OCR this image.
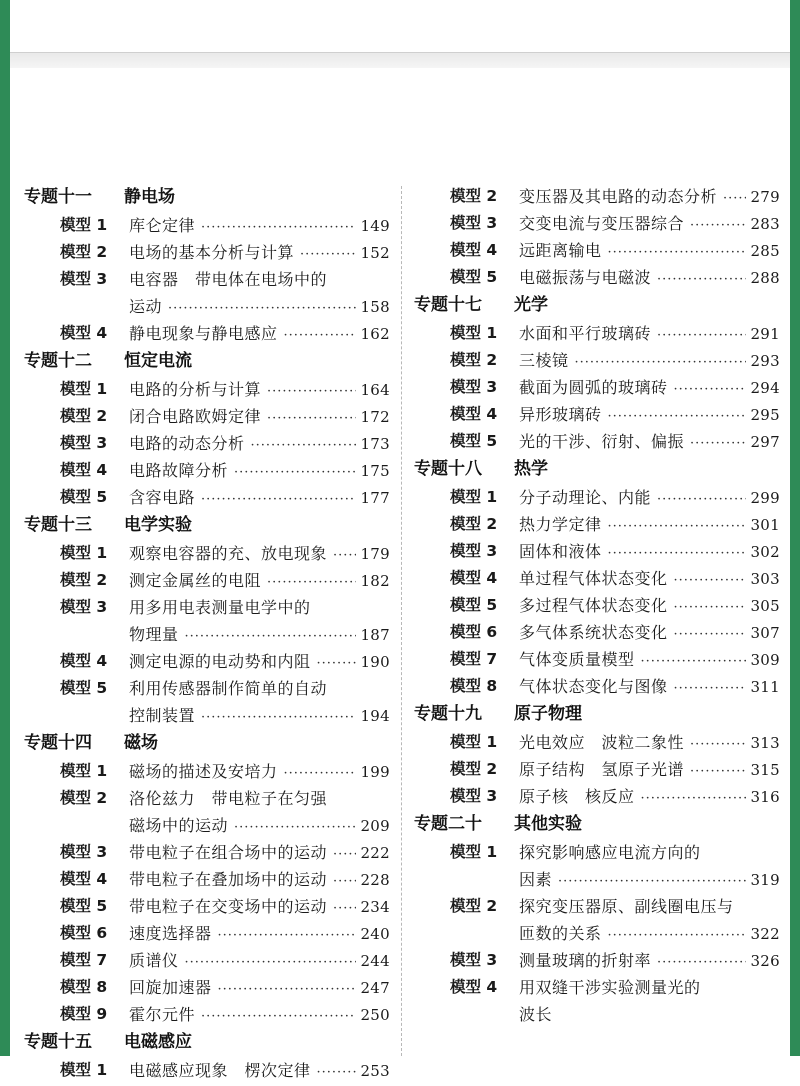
专题十一	静电场
模型 1	库仑定律 ·····	149
模型 2	电场的基本分析与计算 ·····	152
模型 3	电容器　带电体在电场中的
运动 ·····	158
模型 4	静电现象与静电感应 ·····	162
专题十二	恒定电流
模型 1	电路的分析与计算 ·····	164
模型 2	闭合电路欧姆定律 ·····	172
模型 3	电路的动态分析 ·····	173
模型 4	电路故障分析 ·····	175
模型 5	含容电路 ·····	177
专题十三	电学实验
模型 1	观察电容器的充、放电现象 ····· 179
模型 2	测定金属丝的电阻 ·····	182
模型 3	用多用电表测量电学中的
物理量 ·····	187
模型 4	测定电源的电动势和内阻 ·····	190
模型 5	利用传感器制作简单的自动
控制装置 ·····	194
专题十四	磁场
模型 1	磁场的描述及安培力 ·····	199
模型 2	洛伦兹力　带电粒子在匀强
磁场中的运动 ·····	209
模型 3	带电粒子在组合场中的运动 ····· 222
模型 4	带电粒子在叠加场中的运动 ····· 228
模型 5	带电粒子在交变场中的运动 ····· 234
模型 6	速度选择器 ·····	240
模型 7	质谱仪 ·····	244
模型 8	回旋加速器 ·····	247
模型 9	霍尔元件 ·····	250
专题十五	电磁感应
模型 1	电磁感应现象　楞次定律 ·····	253
模型 2	变压器及其电路的动态分析 ····· 279
模型 3	交变电流与变压器综合 ·····	283
模型 4	远距离输电 ·····	285
模型 5	电磁振荡与电磁波 ·····	288
专题十七	光学
模型 1	水面和平行玻璃砖 ·····	291
模型 2	三棱镜 ·····	293
模型 3	截面为圆弧的玻璃砖 ·····	294
模型 4	异形玻璃砖 ·····	295
模型 5	光的干涉、衍射、偏振 ·····	297
专题十八	热学
模型 1	分子动理论、内能 ·····	299
模型 2	热力学定律 ·····	301
模型 3	固体和液体 ·····	302
模型 4	单过程气体状态变化 ·····	303
模型 5	多过程气体状态变化 ·····	305
模型 6	多气体系统状态变化 ·····	307
模型 7	气体变质量模型 ·····	309
模型 8	气体状态变化与图像 ·····	311
专题十九	原子物理
模型 1	光电效应　波粒二象性 ·····	313
模型 2	原子结构　氢原子光谱 ·····	315
模型 3	原子核　核反应 ·····	316
专题二十	其他实验
模型 1	探究影响感应电流方向的
因素 ·····	319
模型 2	探究变压器原、副线圈电压与
匝数的关系 ·····	322
模型 3	测量玻璃的折射率 ·····	326
模型 4	用双缝干涉实验测量光的
波长
